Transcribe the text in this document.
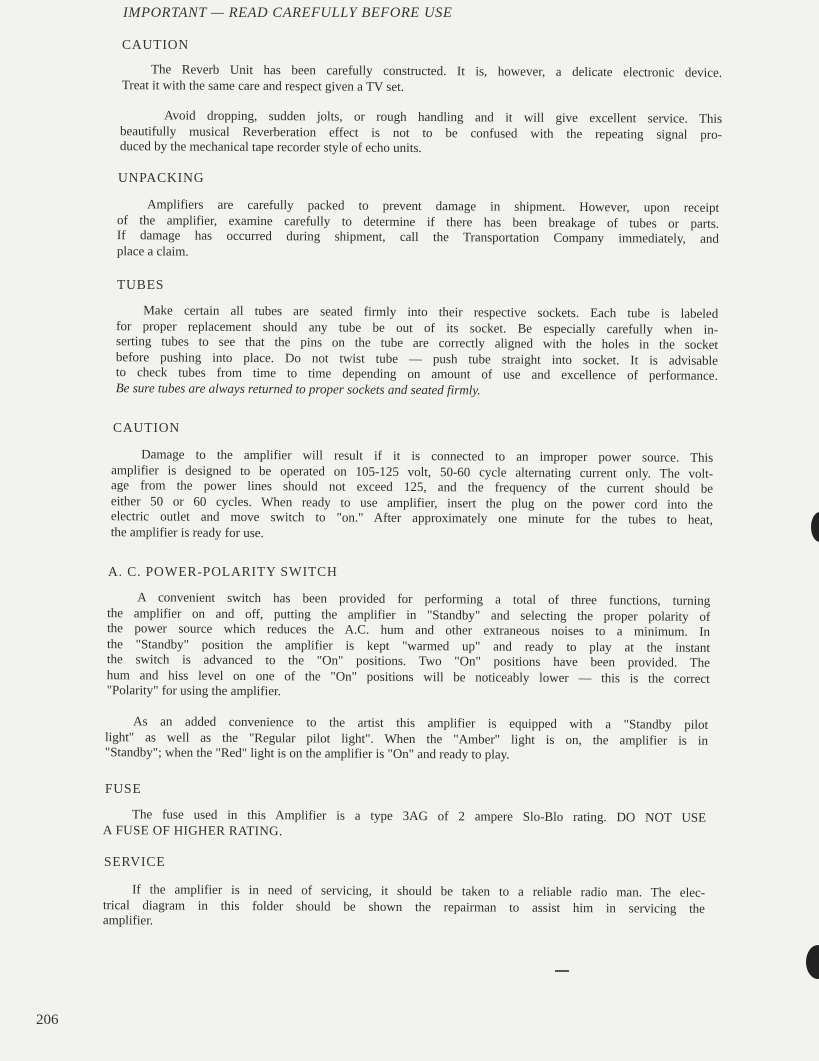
IMPORTANT — READ CAREFULLY BEFORE USE
CAUTION
The Reverb Unit has been carefully constructed. It is, however, a delicate electronic device.
Treat it with the same care and respect given a TV set.
Avoid dropping, sudden jolts, or rough handling and it will give excellent service. This
beautifully musical Reverberation effect is not to be confused with the repeating signal pro-
duced by the mechanical tape recorder style of echo units.
UNPACKING
Amplifiers are carefully packed to prevent damage in shipment. However, upon receipt
of the amplifier, examine carefully to determine if there has been breakage of tubes or parts.
If damage has occurred during shipment, call the Transportation Company immediately, and
place a claim.
TUBES
Make certain all tubes are seated firmly into their respective sockets. Each tube is labeled
for proper replacement should any tube be out of its socket. Be especially carefully when in-
serting tubes to see that the pins on the tube are correctly aligned with the holes in the socket
before pushing into place. Do not twist tube — push tube straight into socket. It is advisable
to check tubes from time to time depending on amount of use and excellence of performance.
Be sure tubes are always returned to proper sockets and seated firmly.
CAUTION
Damage to the amplifier will result if it is connected to an improper power source. This
amplifier is designed to be operated on 105-125 volt, 50-60 cycle alternating current only. The volt-
age from the power lines should not exceed 125, and the frequency of the current should be
either 50 or 60 cycles. When ready to use amplifier, insert the plug on the power cord into the
electric outlet and move switch to "on." After approximately one minute for the tubes to heat,
the amplifier is ready for use.
A. C. POWER-POLARITY SWITCH
A convenient switch has been provided for performing a total of three functions, turning
the amplifier on and off, putting the amplifier in "Standby" and selecting the proper polarity of
the power source which reduces the A.C. hum and other extraneous noises to a minimum. In
the "Standby" position the amplifier is kept "warmed up" and ready to play at the instant
the switch is advanced to the "On" positions. Two "On" positions have been provided. The
hum and hiss level on one of the "On" positions will be noticeably lower — this is the correct
"Polarity" for using the amplifier.
As an added convenience to the artist this amplifier is equipped with a "Standby pilot
light" as well as the "Regular pilot light". When the "Amber" light is on, the amplifier is in
"Standby"; when the "Red" light is on the amplifier is "On" and ready to play.
FUSE
The fuse used in this Amplifier is a type 3AG of 2 ampere Slo-Blo rating. DO NOT USE
A FUSE OF HIGHER RATING.
SERVICE
If the amplifier is in need of servicing, it should be taken to a reliable radio man. The elec-
trical diagram in this folder should be shown the repairman to assist him in servicing the
amplifier.
206
